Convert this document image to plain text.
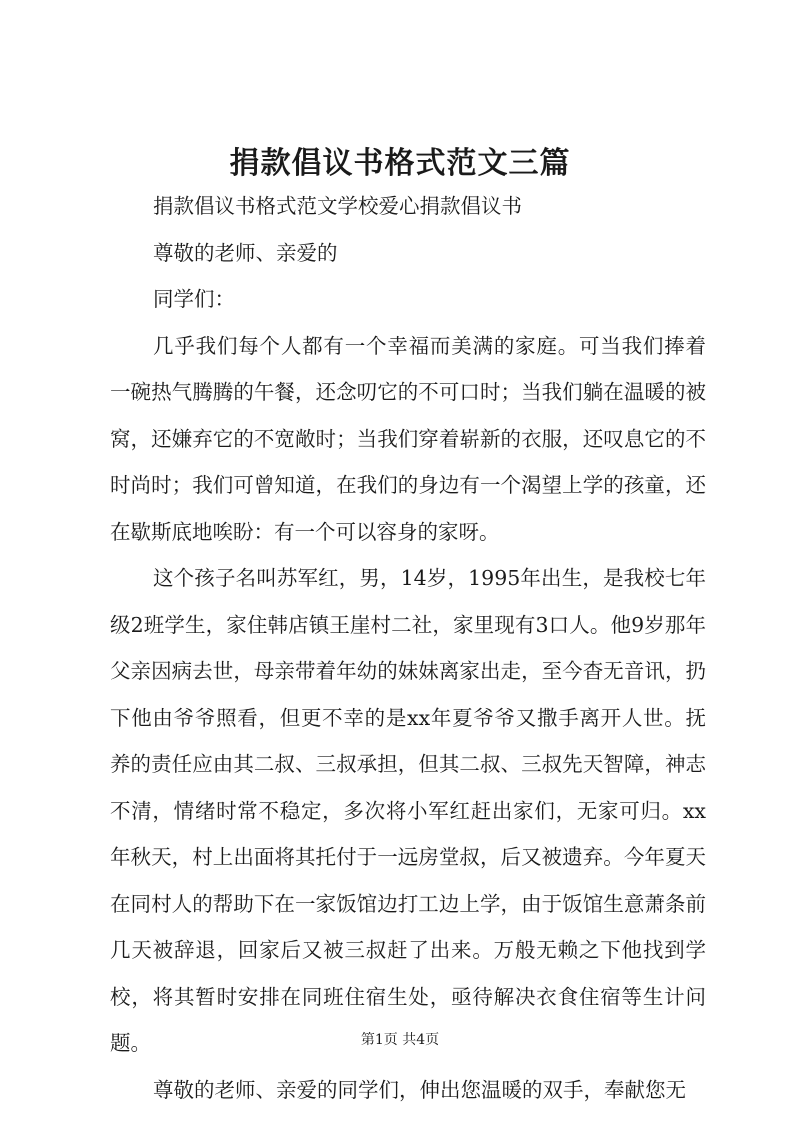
捐款倡议书格式范文三篇

捐款倡议书格式范文学校爱心捐款倡议书

尊敬的老师、亲爱的

同学们：

几乎我们每个人都有一个幸福而美满的家庭。可当我们捧着一碗热气腾腾的午餐，还念叨它的不可口时；当我们躺在温暖的被窝，还嫌弃它的不宽敞时；当我们穿着崭新的衣服，还叹息它的不时尚时；我们可曾知道，在我们的身边有一个渴望上学的孩童，还在歇斯底地唉盼：有一个可以容身的家呀。

这个孩子名叫苏军红，男，14岁，1995年出生，是我校七年级2班学生，家住韩店镇王崖村二社，家里现有3口人。他9岁那年父亲因病去世，母亲带着年幼的妹妹离家出走，至今杳无音讯，扔下他由爷爷照看，但更不幸的是xx年夏爷爷又撒手离开人世。抚养的责任应由其二叔、三叔承担，但其二叔、三叔先天智障，神志不清，情绪时常不稳定，多次将小军红赶出家们，无家可归。xx年秋天，村上出面将其托付于一远房堂叔，后又被遗弃。今年夏天在同村人的帮助下在一家饭馆边打工边上学，由于饭馆生意萧条前几天被辞退，回家后又被三叔赶了出来。万般无赖之下他找到学校，将其暂时安排在同班住宿生处，亟待解决衣食住宿等生计问题。

尊敬的老师、亲爱的同学们，伸出您温暖的双手，奉献您无

第1页 共4页
